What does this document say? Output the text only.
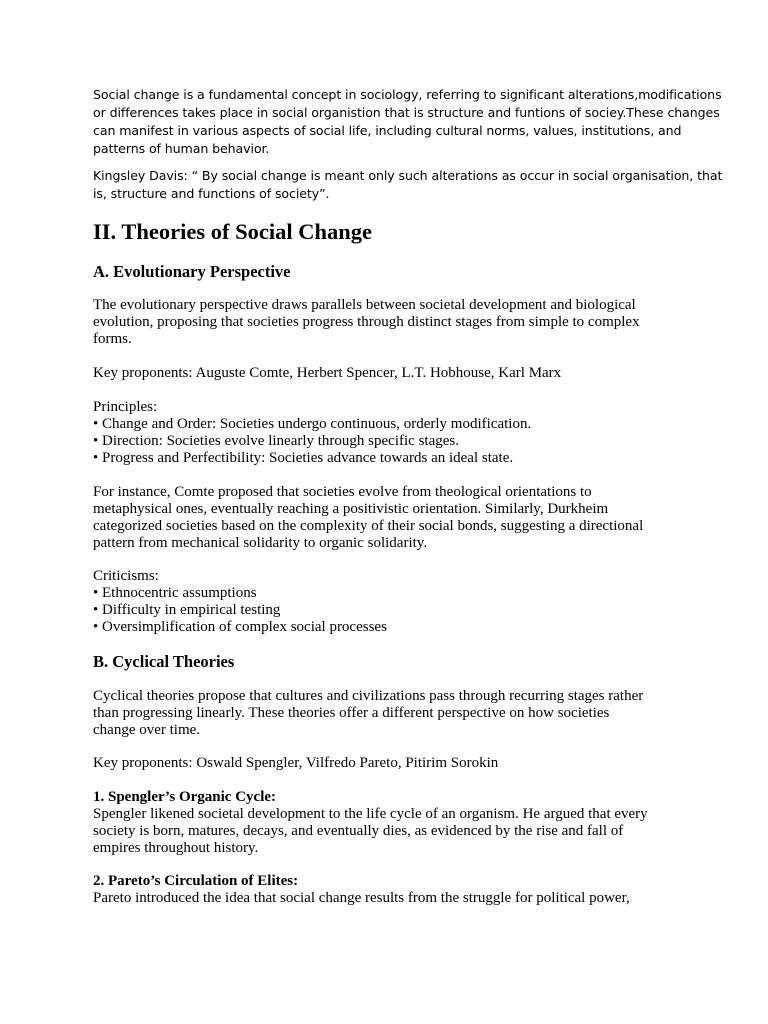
Social change is a fundamental concept in sociology, referring to significant alterations,modifications
or differences takes place in social organistion that is structure and funtions of sociey.These changes
can manifest in various aspects of social life, including cultural norms, values, institutions, and
patterns of human behavior.

Kingsley Davis: “ By social change is meant only such alterations as occur in social organisation, that
is, structure and functions of society”.

II. Theories of Social Change
A. Evolutionary Perspective

The evolutionary perspective draws parallels between societal development and biological
evolution, proposing that societies progress through distinct stages from simple to complex
forms.

Key proponents: Auguste Comte, Herbert Spencer, L.T. Hobhouse, Karl Marx

Principles:
• Change and Order: Societies undergo continuous, orderly modification.
• Direction: Societies evolve linearly through specific stages.
• Progress and Perfectibility: Societies advance towards an ideal state.

For instance, Comte proposed that societies evolve from theological orientations to
metaphysical ones, eventually reaching a positivistic orientation. Similarly, Durkheim
categorized societies based on the complexity of their social bonds, suggesting a directional
pattern from mechanical solidarity to organic solidarity.

Criticisms:
• Ethnocentric assumptions
• Difficulty in empirical testing
• Oversimplification of complex social processes

B. Cyclical Theories

Cyclical theories propose that cultures and civilizations pass through recurring stages rather
than progressing linearly. These theories offer a different perspective on how societies
change over time.

Key proponents: Oswald Spengler, Vilfredo Pareto, Pitirim Sorokin

1. Spengler’s Organic Cycle:
Spengler likened societal development to the life cycle of an organism. He argued that every
society is born, matures, decays, and eventually dies, as evidenced by the rise and fall of
empires throughout history.

2. Pareto’s Circulation of Elites:
Pareto introduced the idea that social change results from the struggle for political power,
